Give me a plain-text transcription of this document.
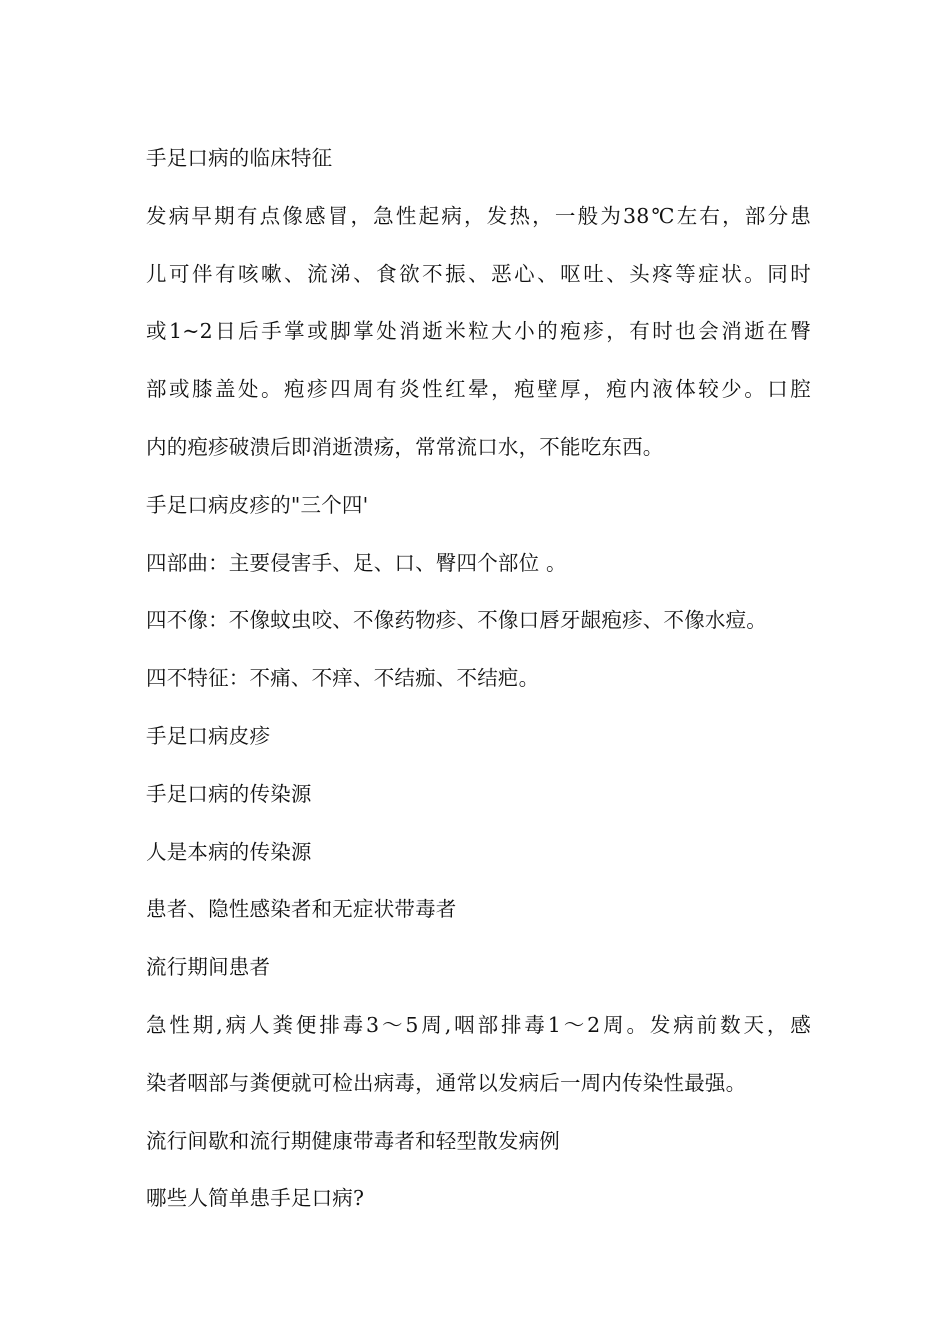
手足口病的临床特征
发病早期有点像感冒，急性起病，发热，一般为38℃左右，部分患
儿可伴有咳嗽、流涕、食欲不振、恶心、呕吐、头疼等症状。同时
或1~2日后手掌或脚掌处消逝米粒大小的疱疹，有时也会消逝在臀
部或膝盖处。疱疹四周有炎性红晕，疱壁厚，疱内液体较少。口腔
内的疱疹破溃后即消逝溃疡，常常流口水，不能吃东西。
手足口病皮疹的"三个四'
四部曲：主要侵害手、足、口、臀四个部位 。
四不像：不像蚊虫咬、不像药物疹、不像口唇牙龈疱疹、不像水痘。
四不特征：不痛、不痒、不结痂、不结疤。
手足口病皮疹
手足口病的传染源
人是本病的传染源
患者、隐性感染者和无症状带毒者
流行期间患者
急性期,病人粪便排毒3～5周,咽部排毒1～2周。发病前数天，感
染者咽部与粪便就可检出病毒，通常以发病后一周内传染性最强。
流行间歇和流行期健康带毒者和轻型散发病例
哪些人简单患手足口病?
